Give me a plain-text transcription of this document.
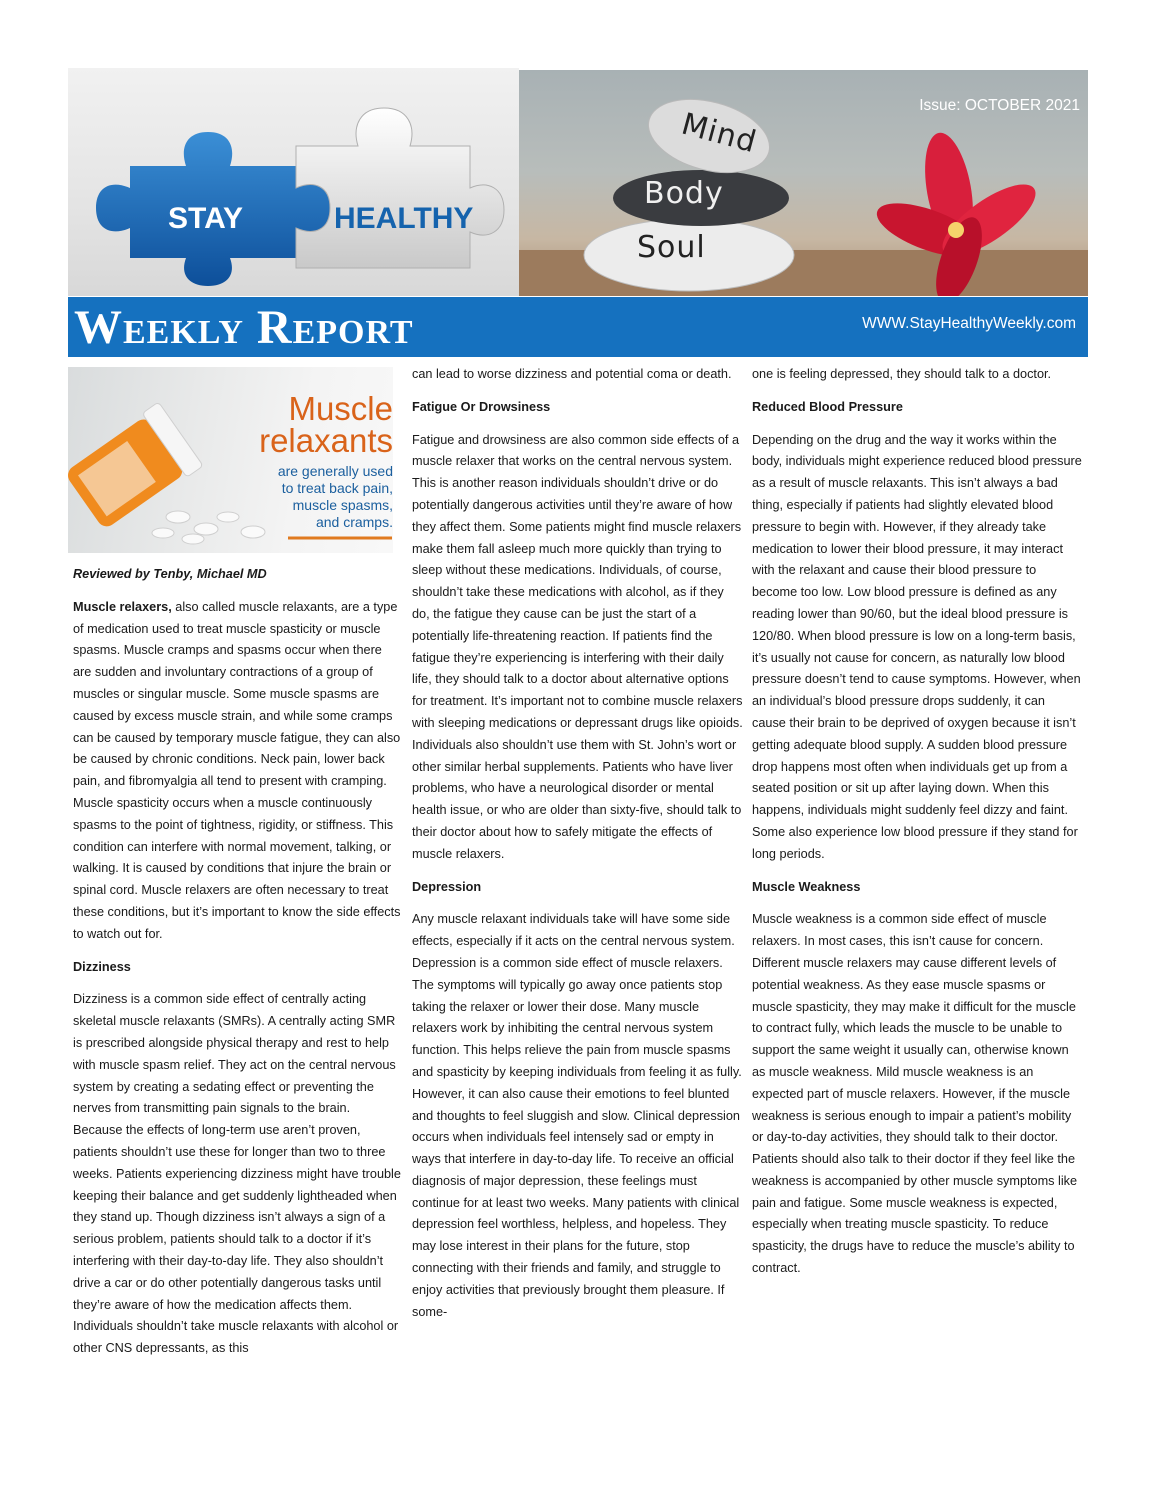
STAY	HEALTHY
Mind
Body
Soul
Issue: OCTOBER 2021
Weekly Report	WWW.StayHealthyWeekly.com
Muscle
relaxants
are generally used
to treat back pain,
muscle spasms,
and cramps.

Reviewed by Tenby, Michael MD

Muscle relaxers, also called muscle relaxants, are a type of medication used to treat muscle spasticity or muscle spasms. Muscle cramps and spasms occur when there are sudden and involuntary contractions of a group of muscles or singular muscle. Some muscle spasms are caused by excess muscle strain, and while some cramps can be caused by temporary muscle fatigue, they can also be caused by chronic conditions. Neck pain, lower back pain, and fibromyalgia all tend to present with cramping. Muscle spasticity occurs when a muscle continuously spasms to the point of tightness, rigidity, or stiffness. This condition can interfere with normal movement, talking, or walking. It is caused by conditions that injure the brain or spinal cord. Muscle relaxers are often necessary to treat these conditions, but it’s important to know the side effects to watch out for.

Dizziness

Dizziness is a common side effect of centrally acting skeletal muscle relaxants (SMRs). A centrally acting SMR is prescribed alongside physical therapy and rest to help with muscle spasm relief. They act on the central nervous system by creating a sedating effect or preventing the nerves from transmitting pain signals to the brain. Because the effects of long-term use aren’t proven, patients shouldn’t use these for longer than two to three weeks. Patients experiencing dizziness might have trouble keeping their balance and get suddenly lightheaded when they stand up. Though dizziness isn’t always a sign of a serious problem, patients should talk to a doctor if it’s interfering with their day-to-day life. They also shouldn’t drive a car or do other potentially dangerous tasks until they’re aware of how the medication affects them. Individuals shouldn’t take muscle relaxants with alcohol or other CNS depressants, as this

can lead to worse dizziness and potential coma or death.

Fatigue Or Drowsiness

Fatigue and drowsiness are also common side effects of a muscle relaxer that works on the central nervous system. This is another reason individuals shouldn’t drive or do potentially dangerous activities until they’re aware of how they affect them. Some patients might find muscle relaxers make them fall asleep much more quickly than trying to sleep without these medications. Individuals, of course, shouldn’t take these medications with alcohol, as if they do, the fatigue they cause can be just the start of a potentially life-threatening reaction. If patients find the fatigue they’re experiencing is interfering with their daily life, they should talk to a doctor about alternative options for treatment. It’s important not to combine muscle relaxers with sleeping medications or depressant drugs like opioids. Individuals also shouldn’t use them with St. John’s wort or other similar herbal supplements. Patients who have liver problems, who have a neurological disorder or mental health issue, or who are older than sixty-five, should talk to their doctor about how to safely mitigate the effects of muscle relaxers.

Depression

Any muscle relaxant individuals take will have some side effects, especially if it acts on the central nervous system. Depression is a common side effect of muscle relaxers. The symptoms will typically go away once patients stop taking the relaxer or lower their dose. Many muscle relaxers work by inhibiting the central nervous system function. This helps relieve the pain from muscle spasms and spasticity by keeping individuals from feeling it as fully. However, it can also cause their emotions to feel blunted and thoughts to feel sluggish and slow. Clinical depression occurs when individuals feel intensely sad or empty in ways that interfere in day-to-day life. To receive an official diagnosis of major depression, these feelings must continue for at least two weeks. Many patients with clinical depression feel worthless, helpless, and hopeless. They may lose interest in their plans for the future, stop connecting with their friends and family, and struggle to enjoy activities that previously brought them pleasure. If some-

one is feeling depressed, they should talk to a doctor.

Reduced Blood Pressure

Depending on the drug and the way it works within the body, individuals might experience reduced blood pressure as a result of muscle relaxants. This isn’t always a bad thing, especially if patients had slightly elevated blood pressure to begin with. However, if they already take medication to lower their blood pressure, it may interact with the relaxant and cause their blood pressure to become too low. Low blood pressure is defined as any reading lower than 90/60, but the ideal blood pressure is 120/80. When blood pressure is low on a long-term basis, it’s usually not cause for concern, as naturally low blood pressure doesn’t tend to cause symptoms. However, when an individual’s blood pressure drops suddenly, it can cause their brain to be deprived of oxygen because it isn’t getting adequate blood supply. A sudden blood pressure drop happens most often when individuals get up from a seated position or sit up after laying down. When this happens, individuals might suddenly feel dizzy and faint. Some also experience low blood pressure if they stand for long periods.

Muscle Weakness

Muscle weakness is a common side effect of muscle relaxers. In most cases, this isn’t cause for concern. Different muscle relaxers may cause different levels of potential weakness. As they ease muscle spasms or muscle spasticity, they may make it difficult for the muscle to contract fully, which leads the muscle to be unable to support the same weight it usually can, otherwise known as muscle weakness. Mild muscle weakness is an expected part of muscle relaxers. However, if the muscle weakness is serious enough to impair a patient’s mobility or day-to-day activities, they should talk to their doctor. Patients should also talk to their doctor if they feel like the weakness is accompanied by other muscle symptoms like pain and fatigue. Some muscle weakness is expected, especially when treating muscle spasticity. To reduce spasticity, the drugs have to reduce the muscle’s ability to contract.
